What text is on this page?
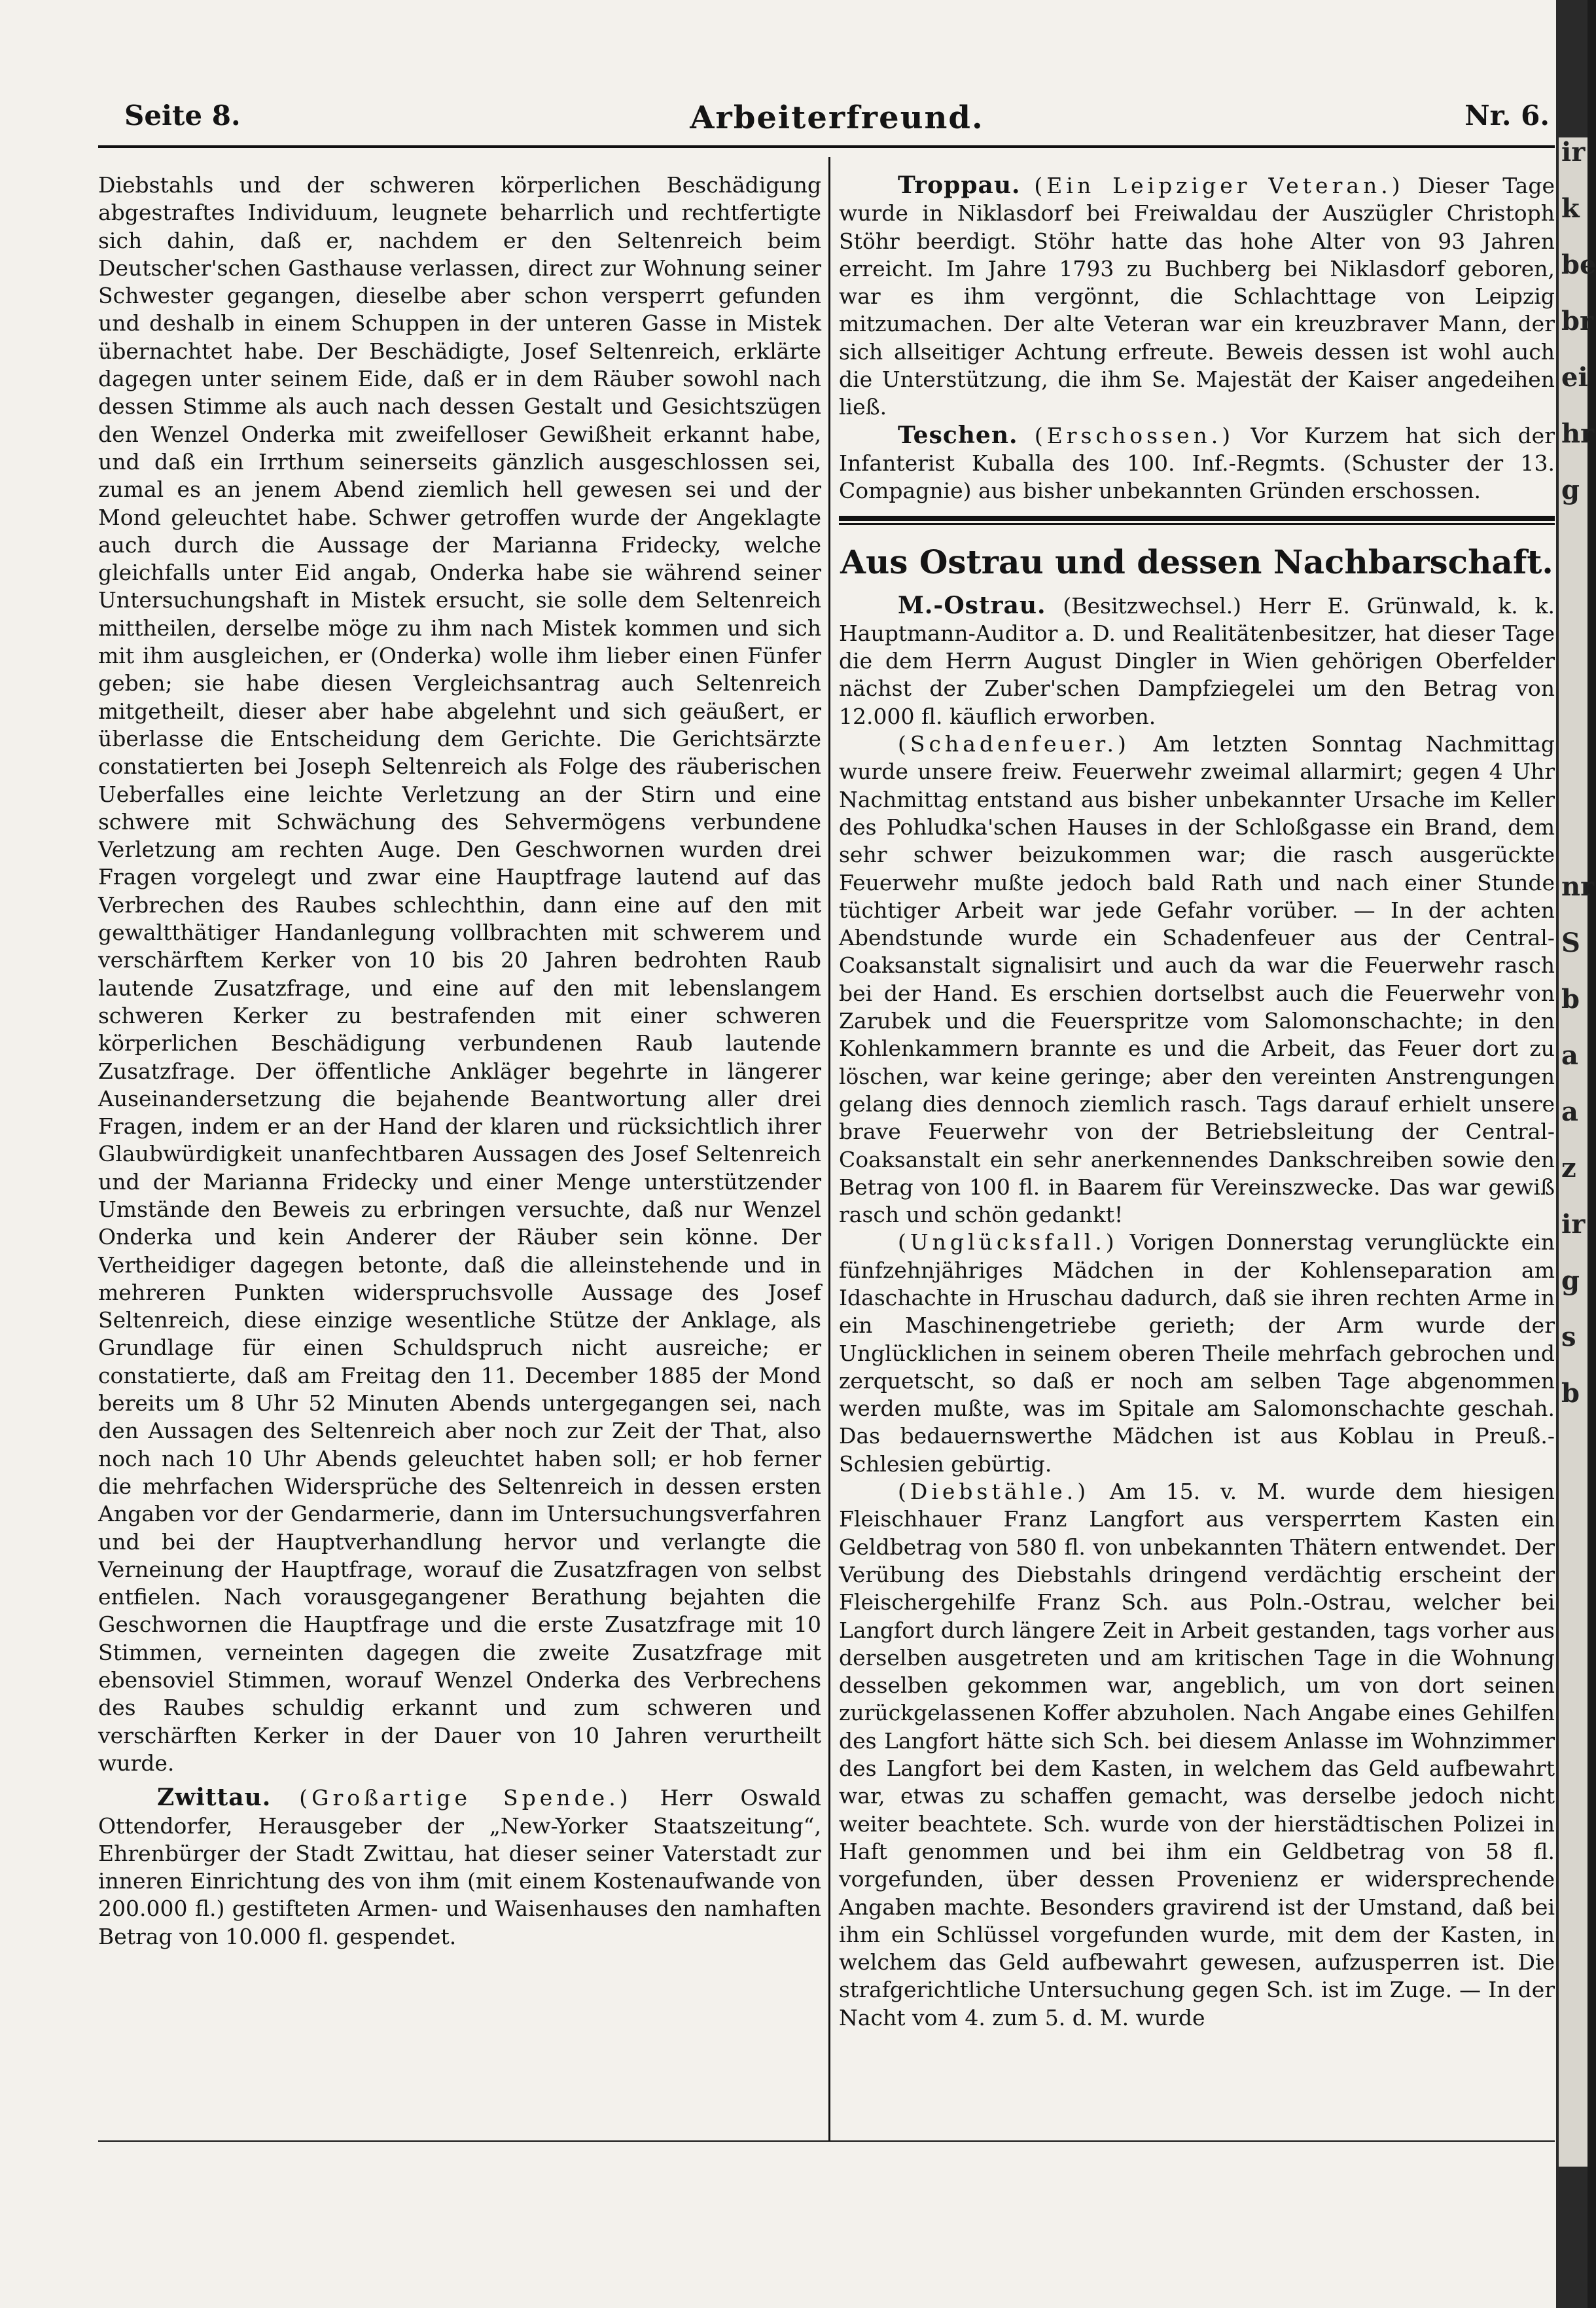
Seite 8.	Arbeiterfreund.	Nr. 6.

Diebstahls und der schweren körperlichen Beschädigung abgestraftes Individuum, leugnete beharrlich und rechtfertigte sich dahin, daß er, nachdem er den Seltenreich beim Deutscher'schen Gasthause verlassen, direct zur Wohnung seiner Schwester gegangen, dieselbe aber schon versperrt gefunden und deshalb in einem Schuppen in der unteren Gasse in Mistek übernachtet habe. Der Beschädigte, Josef Seltenreich, erklärte dagegen unter seinem Eide, daß er in dem Räuber sowohl nach dessen Stimme als auch nach dessen Gestalt und Gesichtszügen den Wenzel Onderka mit zweifelloser Gewißheit erkannt habe, und daß ein Irrthum seinerseits gänzlich ausgeschlossen sei, zumal es an jenem Abend ziemlich hell gewesen sei und der Mond geleuchtet habe. Schwer getroffen wurde der Angeklagte auch durch die Aussage der Marianna Fridecky, welche gleichfalls unter Eid angab, Onderka habe sie während seiner Untersuchungshaft in Mistek ersucht, sie solle dem Seltenreich mittheilen, derselbe möge zu ihm nach Mistek kommen und sich mit ihm ausgleichen, er (Onderka) wolle ihm lieber einen Fünfer geben; sie habe diesen Vergleichsantrag auch Seltenreich mitgetheilt, dieser aber habe abgelehnt und sich geäußert, er überlasse die Entscheidung dem Gerichte. Die Gerichtsärzte constatierten bei Joseph Seltenreich als Folge des räuberischen Ueberfalles eine leichte Verletzung an der Stirn und eine schwere mit Schwächung des Sehvermögens verbundene Verletzung am rechten Auge. Den Geschwornen wurden drei Fragen vorgelegt und zwar eine Hauptfrage lautend auf das Verbrechen des Raubes schlechthin, dann eine auf den mit gewaltthätiger Handanlegung vollbrachten mit schwerem und verschärftem Kerker von 10 bis 20 Jahren bedrohten Raub lautende Zusatzfrage, und eine auf den mit lebenslangem schweren Kerker zu bestrafenden mit einer schweren körperlichen Beschädigung verbundenen Raub lautende Zusatzfrage. Der öffentliche Ankläger begehrte in längerer Auseinandersetzung die bejahende Beantwortung aller drei Fragen, indem er an der Hand der klaren und rücksichtlich ihrer Glaubwürdigkeit unanfechtbaren Aussagen des Josef Seltenreich und der Marianna Fridecky und einer Menge unterstützender Umstände den Beweis zu erbringen versuchte, daß nur Wenzel Onderka und kein Anderer der Räuber sein könne. Der Vertheidiger dagegen betonte, daß die alleinstehende und in mehreren Punkten widerspruchsvolle Aussage des Josef Seltenreich, diese einzige wesentliche Stütze der Anklage, als Grundlage für einen Schuldspruch nicht ausreiche; er constatierte, daß am Freitag den 11. December 1885 der Mond bereits um 8 Uhr 52 Minuten Abends untergegangen sei, nach den Aussagen des Seltenreich aber noch zur Zeit der That, also noch nach 10 Uhr Abends geleuchtet haben soll; er hob ferner die mehrfachen Widersprüche des Seltenreich in dessen ersten Angaben vor der Gendarmerie, dann im Untersuchungsverfahren und bei der Hauptverhandlung hervor und verlangte die Verneinung der Hauptfrage, worauf die Zusatzfragen von selbst entfielen. Nach vorausgegangener Berathung bejahten die Geschwornen die Hauptfrage und die erste Zusatzfrage mit 10 Stimmen, verneinten dagegen die zweite Zusatzfrage mit ebensoviel Stimmen, worauf Wenzel Onderka des Verbrechens des Raubes schuldig erkannt und zum schweren und verschärften Kerker in der Dauer von 10 Jahren verurtheilt wurde.

Zwittau. (Großartige Spende.) Herr Oswald Ottendorfer, Herausgeber der „New-Yorker Staatszeitung“, Ehrenbürger der Stadt Zwittau, hat dieser seiner Vaterstadt zur inneren Einrichtung des von ihm (mit einem Kostenaufwande von 200.000 fl.) gestifteten Armen- und Waisenhauses den namhaften Betrag von 10.000 fl. gespendet.

Troppau. (Ein Leipziger Veteran.) Dieser Tage wurde in Niklasdorf bei Freiwaldau der Auszügler Christoph Stöhr beerdigt. Stöhr hatte das hohe Alter von 93 Jahren erreicht. Im Jahre 1793 zu Buchberg bei Niklasdorf geboren, war es ihm vergönnt, die Schlachttage von Leipzig mitzumachen. Der alte Veteran war ein kreuzbraver Mann, der sich allseitiger Achtung erfreute. Beweis dessen ist wohl auch die Unterstützung, die ihm Se. Majestät der Kaiser angedeihen ließ.

Teschen. (Erschossen.) Vor Kurzem hat sich der Infanterist Kuballa des 100. Inf.-Regmts. (Schuster der 13. Compagnie) aus bisher unbekannten Gründen erschossen.

Aus Ostrau und dessen Nachbarschaft.

M.-Ostrau. (Besitzwechsel.) Herr E. Grünwald, k. k. Hauptmann-Auditor a. D. und Realitätenbesitzer, hat dieser Tage die dem Herrn August Dingler in Wien gehörigen Oberfelder nächst der Zuber'schen Dampfziegelei um den Betrag von 12.000 fl. käuflich erworben.

(Schadenfeuer.) Am letzten Sonntag Nachmittag wurde unsere freiw. Feuerwehr zweimal allarmirt; gegen 4 Uhr Nachmittag entstand aus bisher unbekannter Ursache im Keller des Pohludka'schen Hauses in der Schloßgasse ein Brand, dem sehr schwer beizukommen war; die rasch ausgerückte Feuerwehr mußte jedoch bald Rath und nach einer Stunde tüchtiger Arbeit war jede Gefahr vorüber. — In der achten Abendstunde wurde ein Schadenfeuer aus der Central-Coaksanstalt signalisirt und auch da war die Feuerwehr rasch bei der Hand. Es erschien dortselbst auch die Feuerwehr von Zarubek und die Feuerspritze vom Salomonschachte; in den Kohlenkammern brannte es und die Arbeit, das Feuer dort zu löschen, war keine geringe; aber den vereinten Anstrengungen gelang dies dennoch ziemlich rasch. Tags darauf erhielt unsere brave Feuerwehr von der Betriebsleitung der Central-Coaksanstalt ein sehr anerkennendes Dankschreiben sowie den Betrag von 100 fl. in Baarem für Vereinszwecke. Das war gewiß rasch und schön gedankt!

(Unglücksfall.) Vorigen Donnerstag verunglückte ein fünfzehnjähriges Mädchen in der Kohlenseparation am Idaschachte in Hruschau dadurch, daß sie ihren rechten Arme in ein Maschinengetriebe gerieth; der Arm wurde der Unglücklichen in seinem oberen Theile mehrfach gebrochen und zerquetscht, so daß er noch am selben Tage abgenommen werden mußte, was im Spitale am Salomonschachte geschah. Das bedauernswerthe Mädchen ist aus Koblau in Preuß.-Schlesien gebürtig.

(Diebstähle.) Am 15. v. M. wurde dem hiesigen Fleischhauer Franz Langfort aus versperrtem Kasten ein Geldbetrag von 580 fl. von unbekannten Thätern entwendet. Der Verübung des Diebstahls dringend verdächtig erscheint der Fleischergehilfe Franz Sch. aus Poln.-Ostrau, welcher bei Langfort durch längere Zeit in Arbeit gestanden, tags vorher aus derselben ausgetreten und am kritischen Tage in die Wohnung desselben gekommen war, angeblich, um von dort seinen zurückgelassenen Koffer abzuholen. Nach Angabe eines Gehilfen des Langfort hätte sich Sch. bei diesem Anlasse im Wohnzimmer des Langfort bei dem Kasten, in welchem das Geld aufbewahrt war, etwas zu schaffen gemacht, was derselbe jedoch nicht weiter beachtete. Sch. wurde von der hierstädtischen Polizei in Haft genommen und bei ihm ein Geldbetrag von 58 fl. vorgefunden, über dessen Provenienz er widersprechende Angaben machte. Besonders gravirend ist der Umstand, daß bei ihm ein Schlüssel vorgefunden wurde, mit dem der Kasten, in welchem das Geld aufbewahrt gewesen, aufzusperren ist. Die strafgerichtliche Untersuchung gegen Sch. ist im Zuge. — In der Nacht vom 4. zum 5. d. M. wurde

ir
k
be
br
ei
hr
g
nr
S
b
a
a
z
ir
g
s
b
